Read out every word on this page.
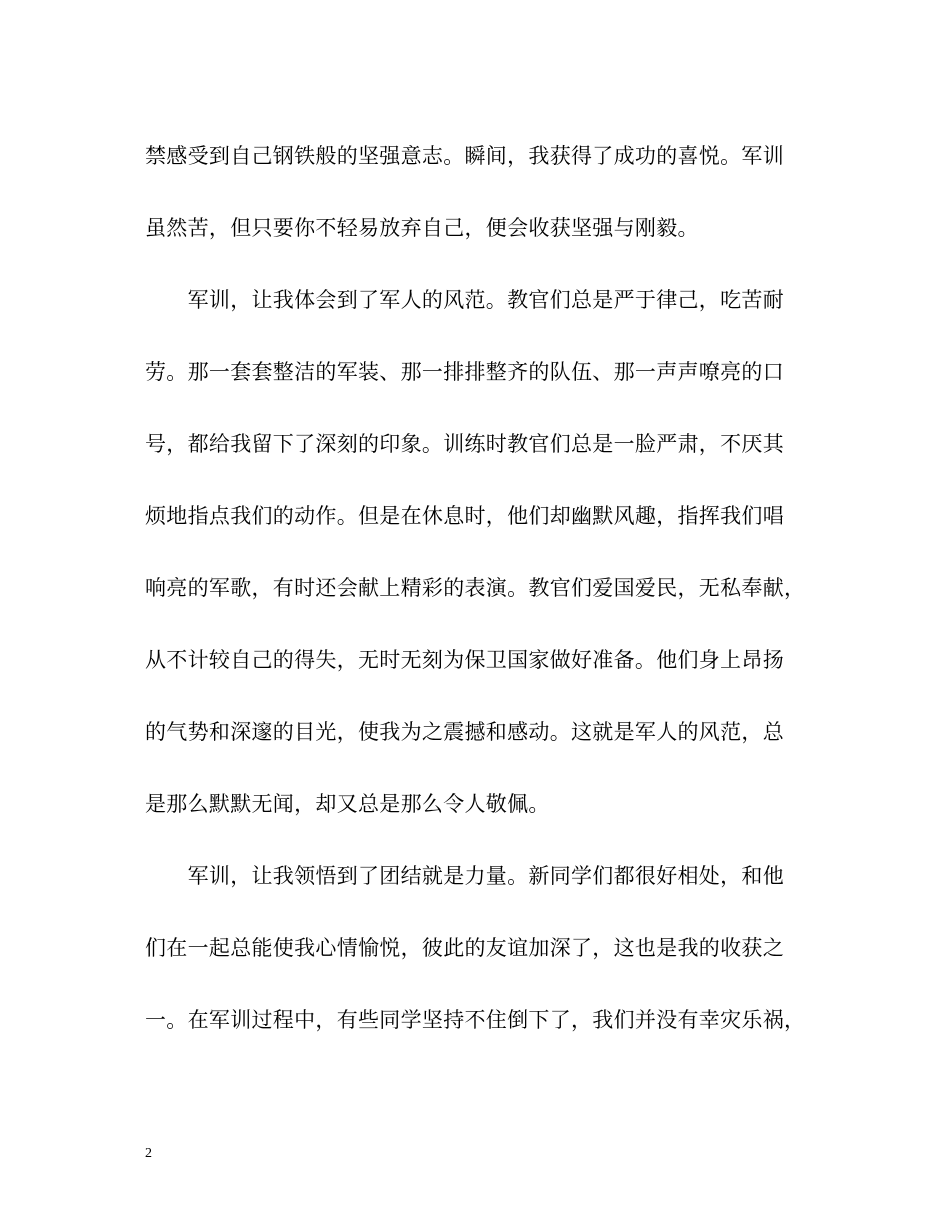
禁感受到自己钢铁般的坚强意志。瞬间，我获得了成功的喜悦。军训
虽然苦，但只要你不轻易放弃自己，便会收获坚强与刚毅。
　　军训，让我体会到了军人的风范。教官们总是严于律己，吃苦耐
劳。那一套套整洁的军装、那一排排整齐的队伍、那一声声嘹亮的口
号，都给我留下了深刻的印象。训练时教官们总是一脸严肃，不厌其
烦地指点我们的动作。但是在休息时，他们却幽默风趣，指挥我们唱
响亮的军歌，有时还会献上精彩的表演。教官们爱国爱民，无私奉献，
从不计较自己的得失，无时无刻为保卫国家做好准备。他们身上昂扬
的气势和深邃的目光，使我为之震撼和感动。这就是军人的风范，总
是那么默默无闻，却又总是那么令人敬佩。
　　军训，让我领悟到了团结就是力量。新同学们都很好相处，和他
们在一起总能使我心情愉悦，彼此的友谊加深了，这也是我的收获之
一。在军训过程中，有些同学坚持不住倒下了，我们并没有幸灾乐祸，
2
